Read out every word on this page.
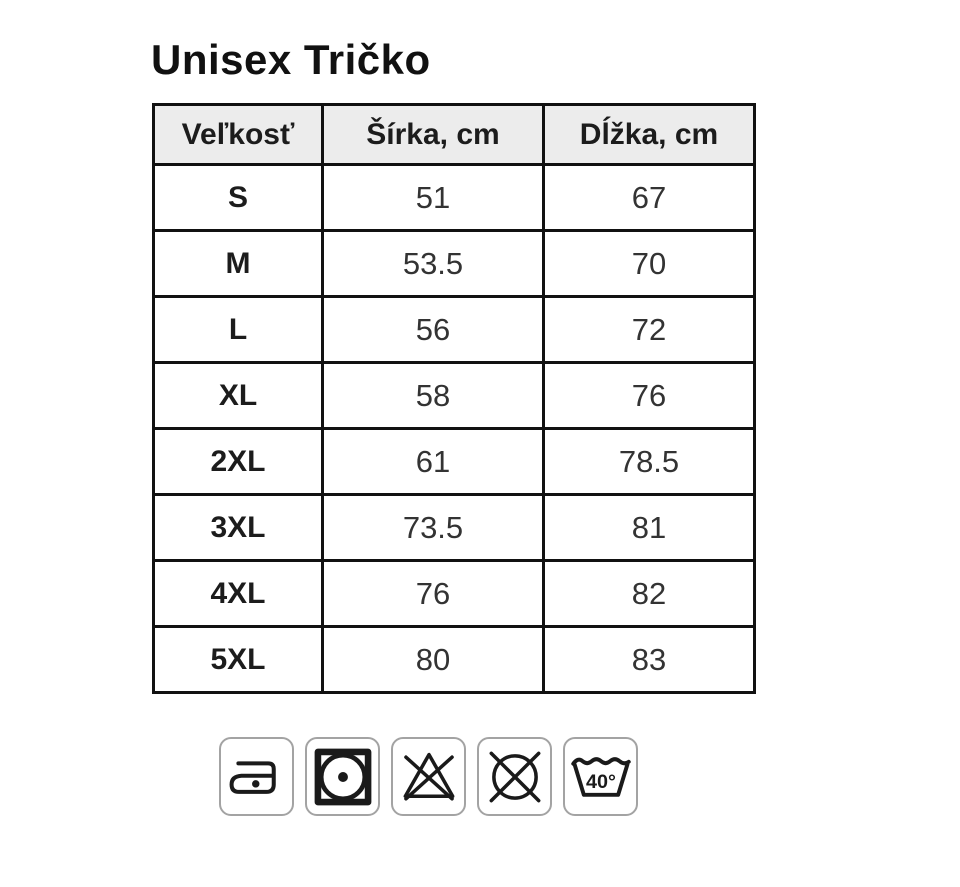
Unisex Tričko
Veľkosť	Šírka, cm	Dĺžka, cm
S	51	67
M	53.5	70
L	56	72
XL	58	76
2XL	61	78.5
3XL	73.5	81
4XL	76	82
5XL	80	83
40°
